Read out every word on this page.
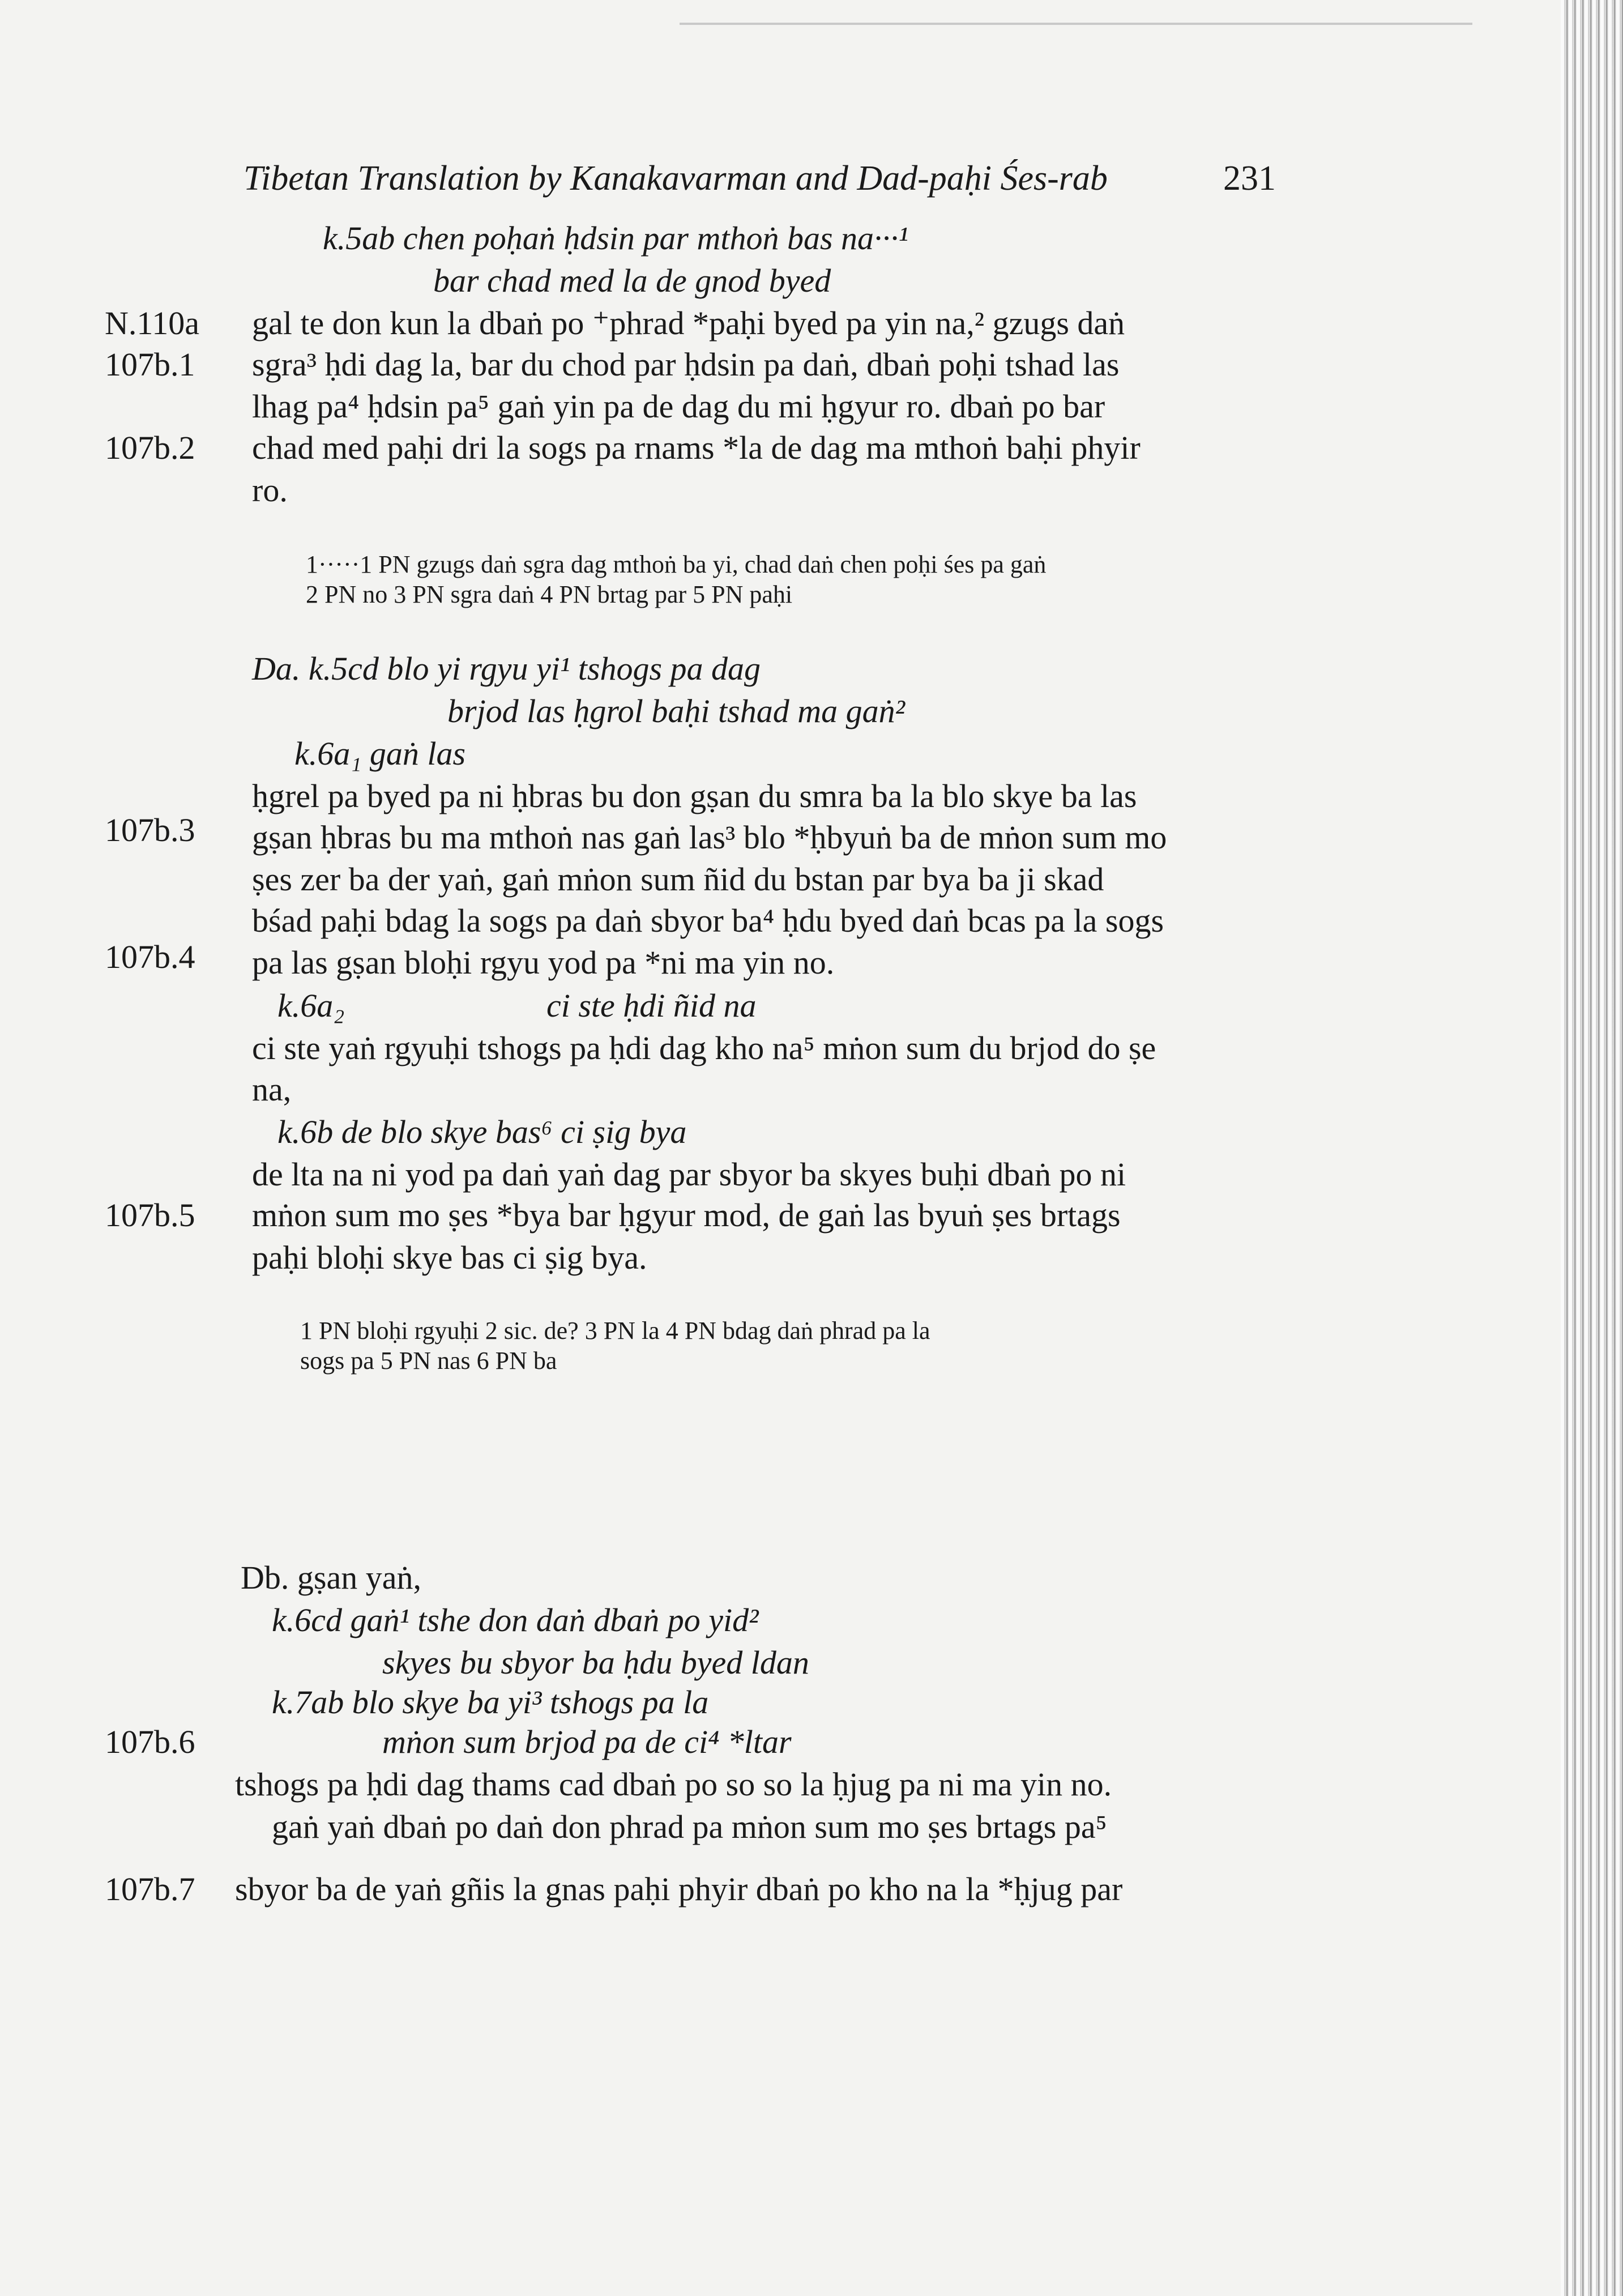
Tibetan Translation by Kanakavarman and Dad-paḥi Śes-rab	231
N.110a
107b.1
107b.2
107b.3
107b.4
107b.5
107b.6
107b.7
k.5ab chen poḥaṅ ḥdsin par mthoṅ bas na···¹
bar chad med la de gnod byed
gal te don kun la dbaṅ po ⁺phrad *paḥi byed pa yin na,² gzugs daṅ
sgra³ ḥdi dag la, bar du chod par ḥdsin pa daṅ, dbaṅ poḥi tshad las
lhag pa⁴ ḥdsin pa⁵ gaṅ yin pa de dag du mi ḥgyur ro. dbaṅ po bar
chad med paḥi dri la sogs pa rnams *la de dag ma mthoṅ baḥi phyir
ro.
1·····1 PN gzugs daṅ sgra dag mthoṅ ba yi, chad daṅ chen poḥi śes pa gaṅ
2 PN no 3 PN sgra daṅ 4 PN brtag par 5 PN paḥi
Da. k.5cd blo yi rgyu yi¹ tshogs pa dag
brjod las ḥgrol baḥi tshad ma gaṅ²
k.6a₁ gaṅ las
ḥgrel pa byed pa ni ḥbras bu don gṣan du smra ba la blo skye ba las
gṣan ḥbras bu ma mthoṅ nas gaṅ las³ blo *ḥbyuṅ ba de mṅon sum mo
ṣes zer ba der yaṅ, gaṅ mṅon sum ñid du bstan par bya ba ji skad
bśad paḥi bdag la sogs pa daṅ sbyor ba⁴ ḥdu byed daṅ bcas pa la sogs
pa las gṣan bloḥi rgyu yod pa *ni ma yin no.
k.6a₂	ci ste ḥdi ñid na
ci ste yaṅ rgyuḥi tshogs pa ḥdi dag kho na⁵ mṅon sum du brjod do ṣe
na,
k.6b de blo skye bas⁶ ci ṣig bya
de lta na ni yod pa daṅ yaṅ dag par sbyor ba skyes buḥi dbaṅ po ni
mṅon sum mo ṣes *bya bar ḥgyur mod, de gaṅ las byuṅ ṣes brtags
paḥi bloḥi skye bas ci ṣig bya.
1 PN bloḥi rgyuḥi 2 sic. de? 3 PN la 4 PN bdag daṅ phrad pa la
sogs pa 5 PN nas 6 PN ba
Db. gṣan yaṅ,
k.6cd gaṅ¹ tshe don daṅ dbaṅ po yid²
skyes bu sbyor ba ḥdu byed ldan
k.7ab blo skye ba yi³ tshogs pa la
mṅon sum brjod pa de ci⁴ *ltar
tshogs pa ḥdi dag thams cad dbaṅ po so so la ḥjug pa ni ma yin no.
gaṅ yaṅ dbaṅ po daṅ don phrad pa mṅon sum mo ṣes brtags pa⁵
sbyor ba de yaṅ gñis la gnas paḥi phyir dbaṅ po kho na la *ḥjug par
